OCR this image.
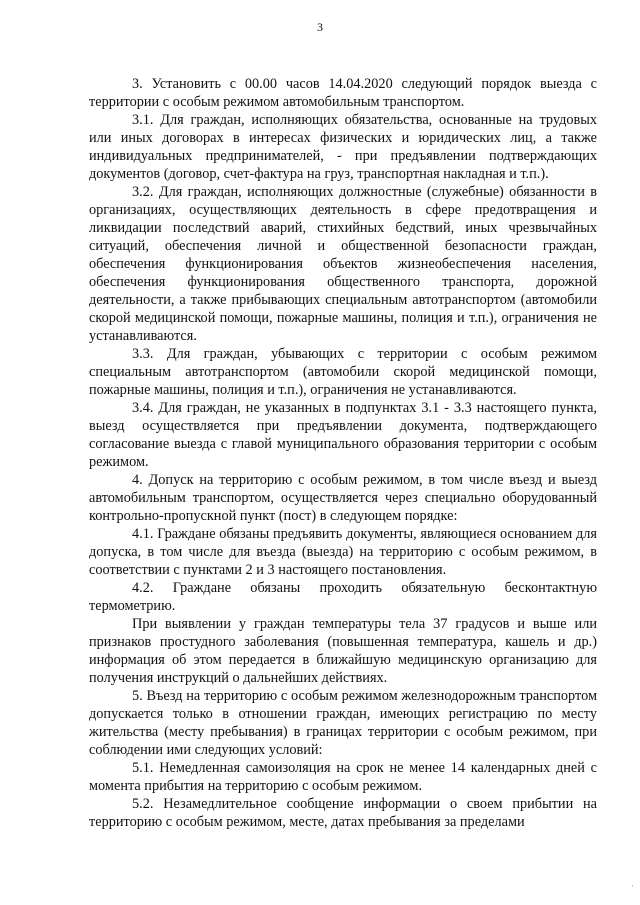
3

3. Установить с 00.00 часов 14.04.2020 следующий порядок выезда с территории с особым режимом автомобильным транспортом.

3.1. Для граждан, исполняющих обязательства, основанные на трудовых или иных договорах в интересах физических и юридических лиц, а также индивидуальных предпринимателей, - при предъявлении подтверждающих документов (договор, счет-фактура на груз, транспортная накладная и т.п.).

3.2. Для граждан, исполняющих должностные (служебные) обязанности в организациях, осуществляющих деятельность в сфере предотвращения и ликвидации последствий аварий, стихийных бедствий, иных чрезвычайных ситуаций, обеспечения личной и общественной безопасности граждан, обеспечения функционирования объектов жизнеобеспечения населения, обеспечения функционирования общественного транспорта, дорожной деятельности, а также прибывающих специальным автотранспортом (автомобили скорой медицинской помощи, пожарные машины, полиция и т.п.), ограничения не устанавливаются.

3.3. Для граждан, убывающих с территории с особым режимом специальным автотранспортом (автомобили скорой медицинской помощи, пожарные машины, полиция и т.п.), ограничения не устанавливаются.

3.4. Для граждан, не указанных в подпунктах 3.1 - 3.3 настоящего пункта, выезд осуществляется при предъявлении документа, подтверждающего согласование выезда с главой муниципального образования территории с особым режимом.

4. Допуск на территорию с особым режимом, в том числе въезд и выезд автомобильным транспортом, осуществляется через специально оборудованный контрольно-пропускной пункт (пост) в следующем порядке:

4.1. Граждане обязаны предъявить документы, являющиеся основанием для допуска, в том числе для въезда (выезда) на территорию с особым режимом, в соответствии с пунктами 2 и 3 настоящего постановления.

4.2. Граждане обязаны проходить обязательную бесконтактную термометрию.

При выявлении у граждан температуры тела 37 градусов и выше или признаков простудного заболевания (повышенная температура, кашель и др.) информация об этом передается в ближайшую медицинскую организацию для получения инструкций о дальнейших действиях.

5. Въезд на территорию с особым режимом железнодорожным транспортом допускается только в отношении граждан, имеющих регистрацию по месту жительства (месту пребывания) в границах территории с особым режимом, при соблюдении ими следующих условий:

5.1. Немедленная самоизоляция на срок не менее 14 календарных дней с момента прибытия на территорию с особым режимом.

5.2. Незамедлительное сообщение информации о своем прибытии на территорию с особым режимом, месте, датах пребывания за пределами

·
